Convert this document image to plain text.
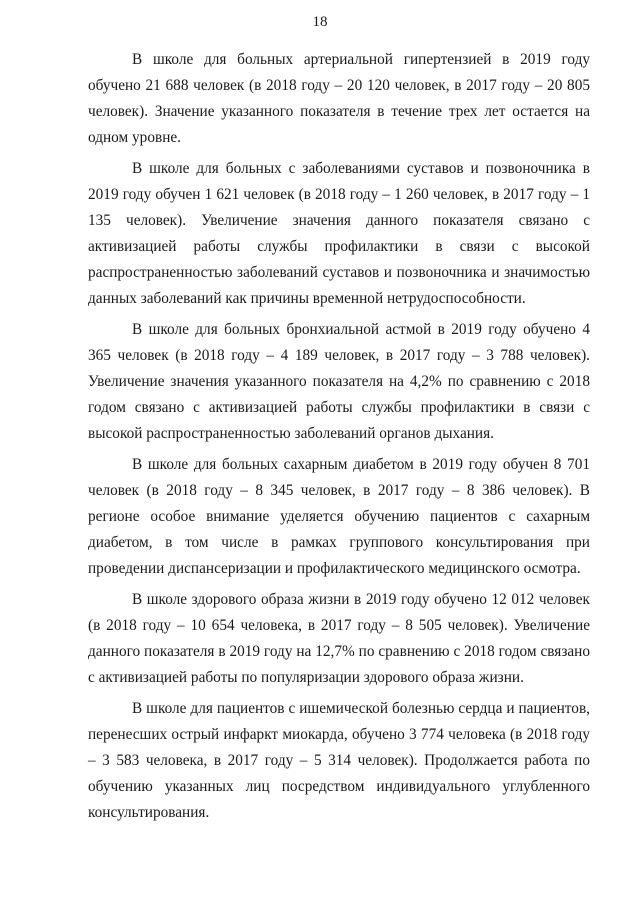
18

В школе для больных артериальной гипертензией в 2019 году обучено 21 688 человек (в 2018 году – 20 120 человек, в 2017 году – 20 805 человек). Значение указанного показателя в течение трех лет остается на одном уровне.

В школе для больных с заболеваниями суставов и позвоночника в 2019 году обучен 1 621 человек (в 2018 году – 1 260 человек, в 2017 году – 1 135 человек). Увеличение значения данного показателя связано с активизацией работы службы профилактики в связи с высокой распространенностью заболеваний суставов и позвоночника и значимостью данных заболеваний как причины временной нетрудоспособности.

В школе для больных бронхиальной астмой в 2019 году обучено 4 365 человек (в 2018 году – 4 189 человек, в 2017 году – 3 788 человек). Увеличение значения указанного показателя на 4,2% по сравнению с 2018 годом связано с активизацией работы службы профилактики в связи с высокой распространенностью заболеваний органов дыхания.

В школе для больных сахарным диабетом в 2019 году обучен 8 701 человек (в 2018 году – 8 345 человек, в 2017 году – 8 386 человек). В регионе особое внимание уделяется обучению пациентов с сахарным диабетом, в том числе в рамках группового консультирования при проведении диспансеризации и профилактического медицинского осмотра.

В школе здорового образа жизни в 2019 году обучено 12 012 человек (в 2018 году – 10 654 человека, в 2017 году – 8 505 человек). Увеличение данного показателя в 2019 году на 12,7% по сравнению с 2018 годом связано с активизацией работы по популяризации здорового образа жизни.

В школе для пациентов с ишемической болезнью сердца и пациентов, перенесших острый инфаркт миокарда, обучено 3 774 человека (в 2018 году – 3 583 человека, в 2017 году – 5 314 человек). Продолжается работа по обучению указанных лиц посредством индивидуального углубленного консультирования.
